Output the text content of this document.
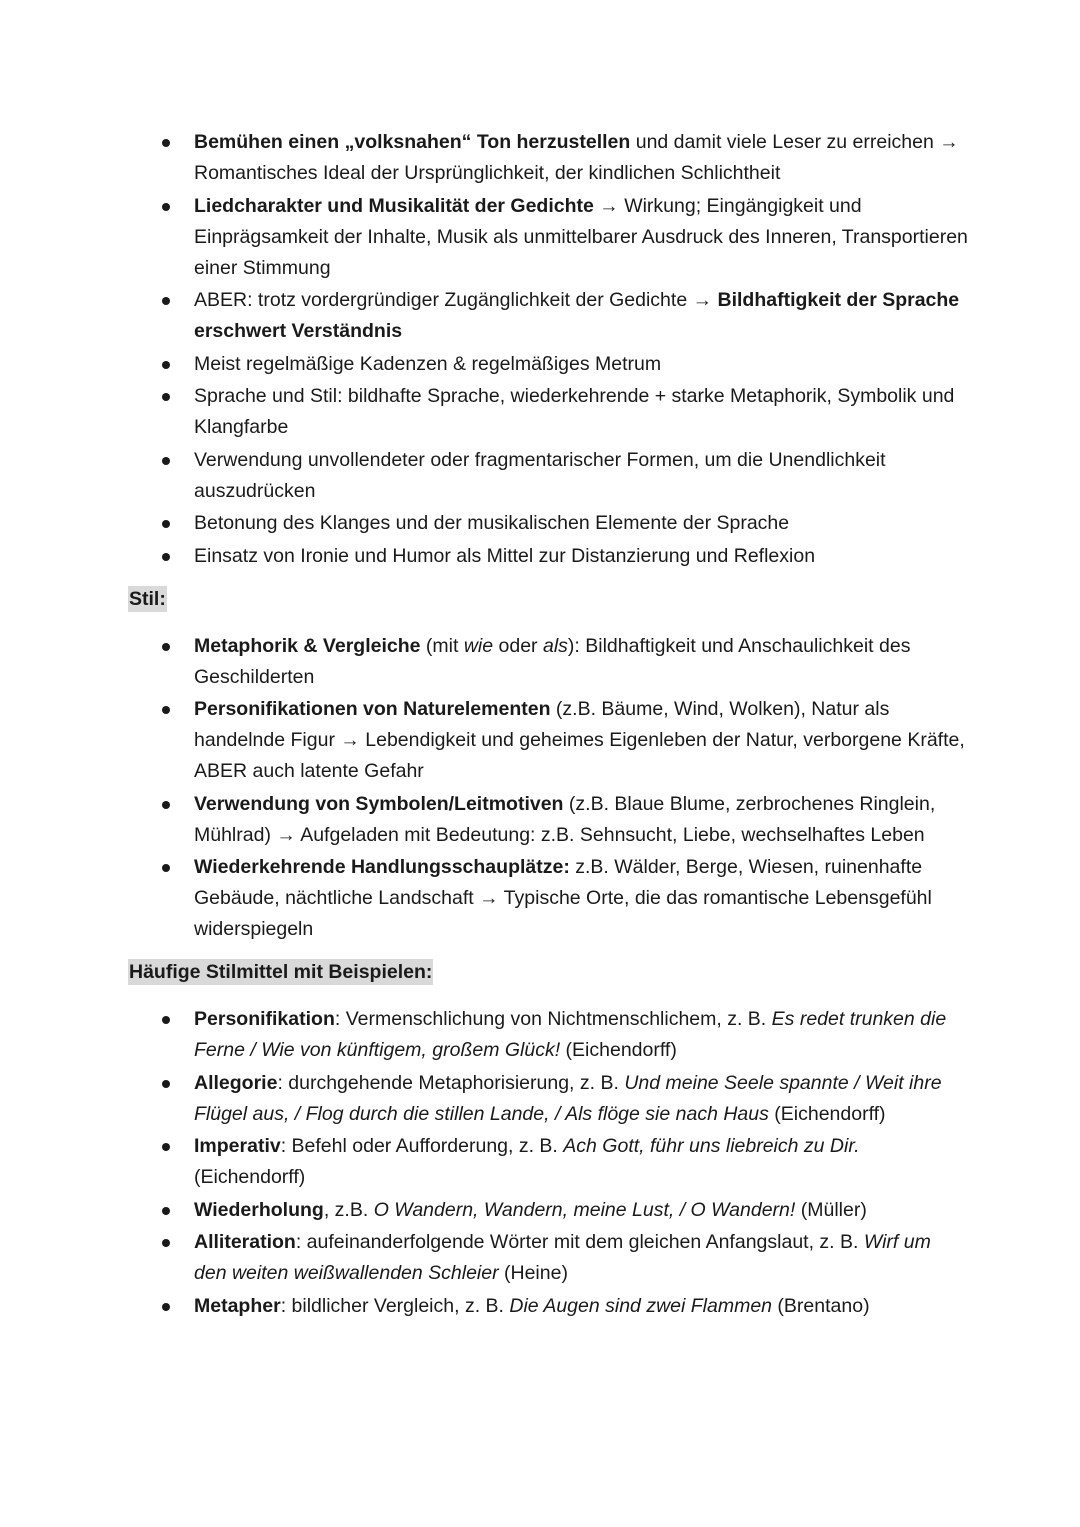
Bemühen einen „volksnahen“ Ton herzustellen und damit viele Leser zu erreichen → Romantisches Ideal der Ursprünglichkeit, der kindlichen Schlichtheit
Liedcharakter und Musikalität der Gedichte → Wirkung; Eingängigkeit und Einprägsamkeit der Inhalte, Musik als unmittelbarer Ausdruck des Inneren, Transportieren einer Stimmung
ABER: trotz vordergründiger Zugänglichkeit der Gedichte → Bildhaftigkeit der Sprache erschwert Verständnis
Meist regelmäßige Kadenzen & regelmäßiges Metrum
Sprache und Stil: bildhafte Sprache, wiederkehrende + starke Metaphorik, Symbolik und Klangfarbe
Verwendung unvollendeter oder fragmentarischer Formen, um die Unendlichkeit auszudrücken
Betonung des Klanges und der musikalischen Elemente der Sprache
Einsatz von Ironie und Humor als Mittel zur Distanzierung und Reflexion
Stil:
Metaphorik & Vergleiche (mit wie oder als): Bildhaftigkeit und Anschaulichkeit des Geschilderten
Personifikationen von Naturelementen (z.B. Bäume, Wind, Wolken), Natur als handelnde Figur → Lebendigkeit und geheimes Eigenleben der Natur, verborgene Kräfte, ABER auch latente Gefahr
Verwendung von Symbolen/Leitmotiven (z.B. Blaue Blume, zerbrochenes Ringlein, Mühlrad) → Aufgeladen mit Bedeutung: z.B. Sehnsucht, Liebe, wechselhaftes Leben
Wiederkehrende Handlungsschauplätze: z.B. Wälder, Berge, Wiesen, ruinenhafte Gebäude, nächtliche Landschaft → Typische Orte, die das romantische Lebensgefühl widerspiegeln
Häufige Stilmittel mit Beispielen:
Personifikation: Vermenschlichung von Nichtmenschlichem, z. B. Es redet trunken die Ferne / Wie von künftigem, großem Glück! (Eichendorff)
Allegorie: durchgehende Metaphorisierung, z. B. Und meine Seele spannte / Weit ihre Flügel aus, / Flog durch die stillen Lande, / Als flöge sie nach Haus (Eichendorff)
Imperativ: Befehl oder Aufforderung, z. B. Ach Gott, führ uns liebreich zu Dir. (Eichendorff)
Wiederholung, z.B. O Wandern, Wandern, meine Lust, / O Wandern! (Müller)
Alliteration: aufeinanderfolgende Wörter mit dem gleichen Anfangslaut, z. B. Wirf um den weiten weißwallenden Schleier (Heine)
Metapher: bildlicher Vergleich, z. B. Die Augen sind zwei Flammen (Brentano)
